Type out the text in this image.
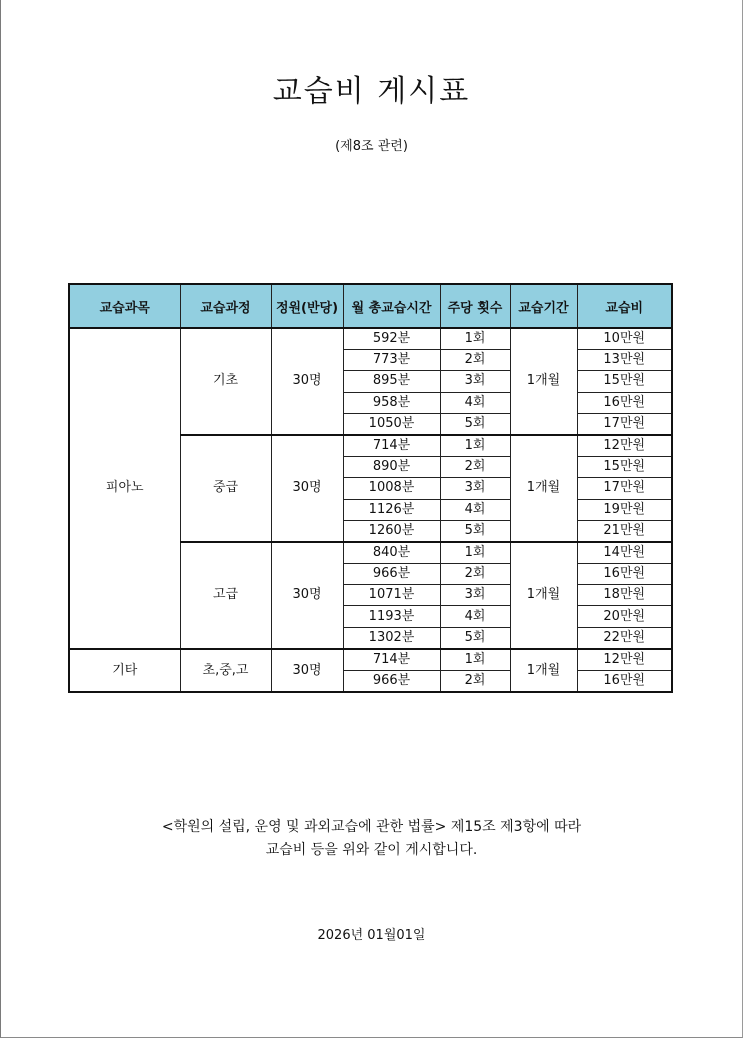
교습비 게시표
(제8조 관련)
교습과목	교습과정	정원(반당)	월 총교습시간	주당 횟수	교습기간	교습비
피아노	기초	30명	592분	1회	1개월	10만원
			773분	2회		13만원
			895분	3회		15만원
			958분	4회		16만원
			1050분	5회		17만원
	중급	30명	714분	1회	1개월	12만원
			890분	2회		15만원
			1008분	3회		17만원
			1126분	4회		19만원
			1260분	5회		21만원
	고급	30명	840분	1회	1개월	14만원
			966분	2회		16만원
			1071분	3회		18만원
			1193분	4회		20만원
			1302분	5회		22만원
기타	초,중,고	30명	714분	1회	1개월	12만원
			966분	2회		16만원
<학원의 설립, 운영 및 과외교습에 관한 법률> 제15조 제3항에 따라
교습비 등을 위와 같이 게시합니다.
2026년 01월01일
